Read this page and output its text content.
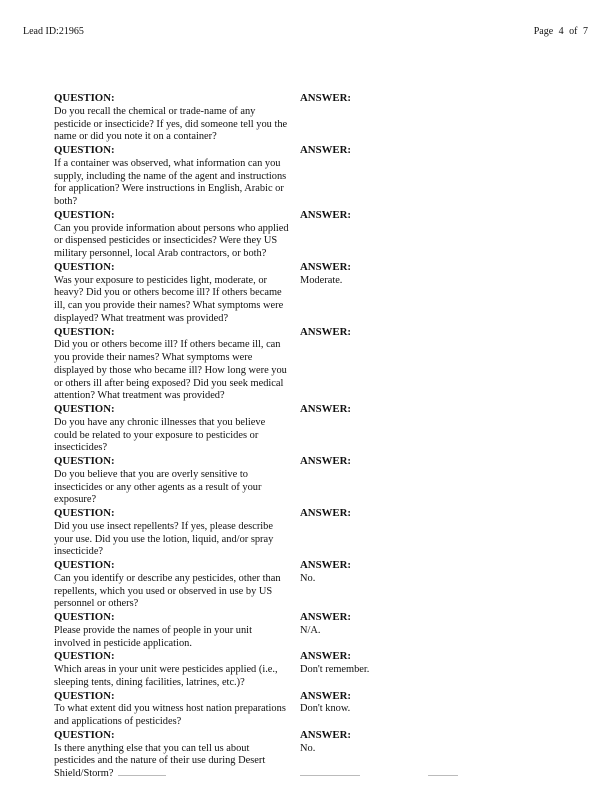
Lead ID:21965	Page 4 of 7
QUESTION:
Do you recall the chemical or trade-name of any pesticide or insecticide? If yes, did someone tell you the name or did you note it on a container?
ANSWER:
QUESTION:
If a container was observed, what information can you supply, including the name of the agent and instructions for application? Were instructions in English, Arabic or both?
ANSWER:
QUESTION:
Can you provide information about persons who applied or dispensed pesticides or insecticides? Were they US military personnel, local Arab contractors, or both?
ANSWER:
QUESTION:
Was your exposure to pesticides light, moderate, or heavy? Did you or others become ill? If others became ill, can you provide their names? What symptoms were displayed? What treatment was provided?
ANSWER:
Moderate.
QUESTION:
Did you or others become ill? If others became ill, can you provide their names? What symptoms were displayed by those who became ill? How long were you or others ill after being exposed? Did you seek medical attention? What treatment was provided?
ANSWER:
QUESTION:
Do you have any chronic illnesses that you believe could be related to your exposure to pesticides or insecticides?
ANSWER:
QUESTION:
Do you believe that you are overly sensitive to insecticides or any other agents as a result of your exposure?
ANSWER:
QUESTION:
Did you use insect repellents? If yes, please describe your use. Did you use the lotion, liquid, and/or spray insecticide?
ANSWER:
QUESTION:
Can you identify or describe any pesticides, other than repellents, which you used or observed in use by US personnel or others?
ANSWER:
No.
QUESTION:
Please provide the names of people in your unit involved in pesticide application.
ANSWER:
N/A.
QUESTION:
Which areas in your unit were pesticides applied (i.e., sleeping tents, dining facilities, latrines, etc.)?
ANSWER:
Don't remember.
QUESTION:
To what extent did you witness host nation preparations and applications of pesticides?
ANSWER:
Don't know.
QUESTION:
Is there anything else that you can tell us about pesticides and the nature of their use during Desert Shield/Storm?
ANSWER:
No.
